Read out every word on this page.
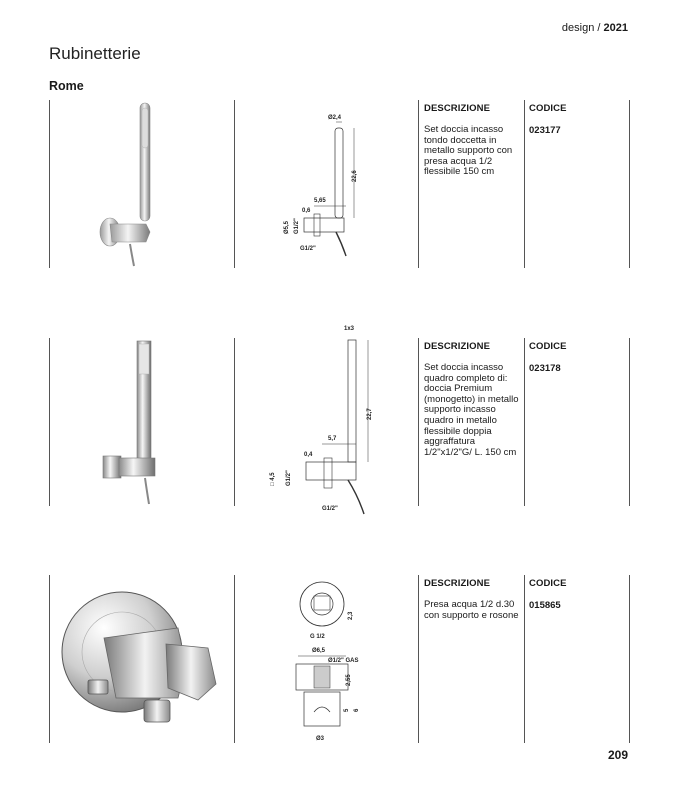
design / 2021
Rubinetterie
Rome
Ø2,4
22,6
5,65
0,6
Ø5,5 G1/2"
G1/2"
DESCRIZIONE
Set doccia incasso tondo doccetta in metallo supporto con presa acqua 1/2 flessibile 150 cm
CODICE
023177
1x3
22,7
5,7
0,4
□ 4,5 G1/2"
G1/2"
DESCRIZIONE
Set doccia incasso quadro completo di: doccia Premium (monogetto) in metallo supporto incasso quadro in metallo flessibile doppia aggraffatura 1/2"x1/2"G/ L. 150 cm
CODICE
023178
2,3
G 1/2
Ø6,5
Ø1/2" GAS
2,55
5 6
Ø3
DESCRIZIONE
Presa acqua 1/2 d.30 con supporto e rosone
CODICE
015865
209
